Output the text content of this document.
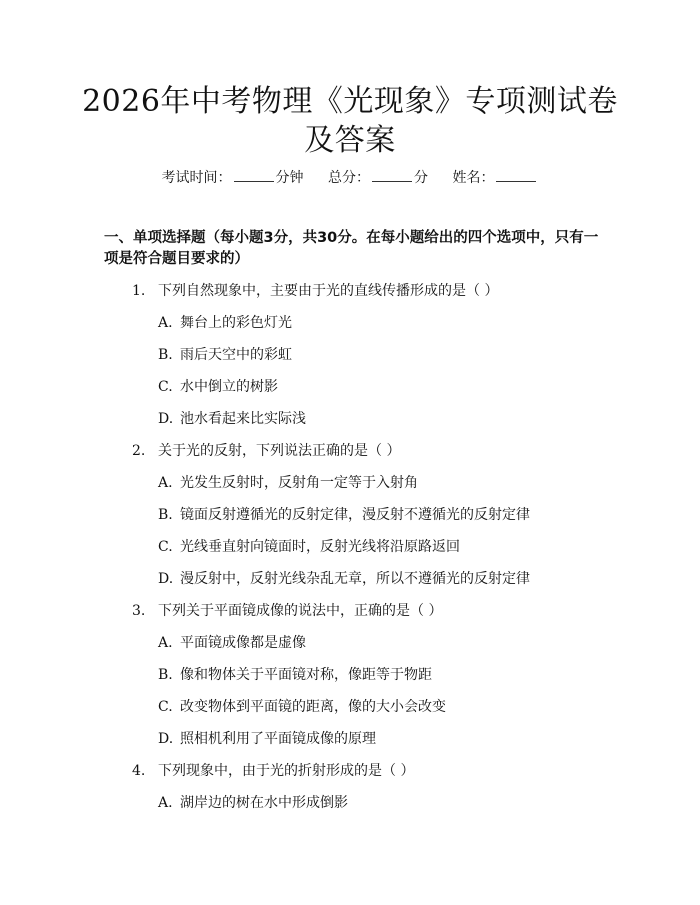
2026年中考物理《光现象》专项测试卷及答案
考试时间：	分钟 总分：	分 姓名：
一、单项选择题（每小题3分，共30分。在每小题给出的四个选项中，只有一项是符合题目要求的）
1. 下列自然现象中，主要由于光的直线传播形成的是（ ）
A. 舞台上的彩色灯光
B. 雨后天空中的彩虹
C. 水中倒立的树影
D. 池水看起来比实际浅
2. 关于光的反射，下列说法正确的是（ ）
A. 光发生反射时，反射角一定等于入射角
B. 镜面反射遵循光的反射定律，漫反射不遵循光的反射定律
C. 光线垂直射向镜面时，反射光线将沿原路返回
D. 漫反射中，反射光线杂乱无章，所以不遵循光的反射定律
3. 下列关于平面镜成像的说法中，正确的是（ ）
A. 平面镜成像都是虚像
B. 像和物体关于平面镜对称，像距等于物距
C. 改变物体到平面镜的距离，像的大小会改变
D. 照相机利用了平面镜成像的原理
4. 下列现象中，由于光的折射形成的是（ ）
A. 湖岸边的树在水中形成倒影
